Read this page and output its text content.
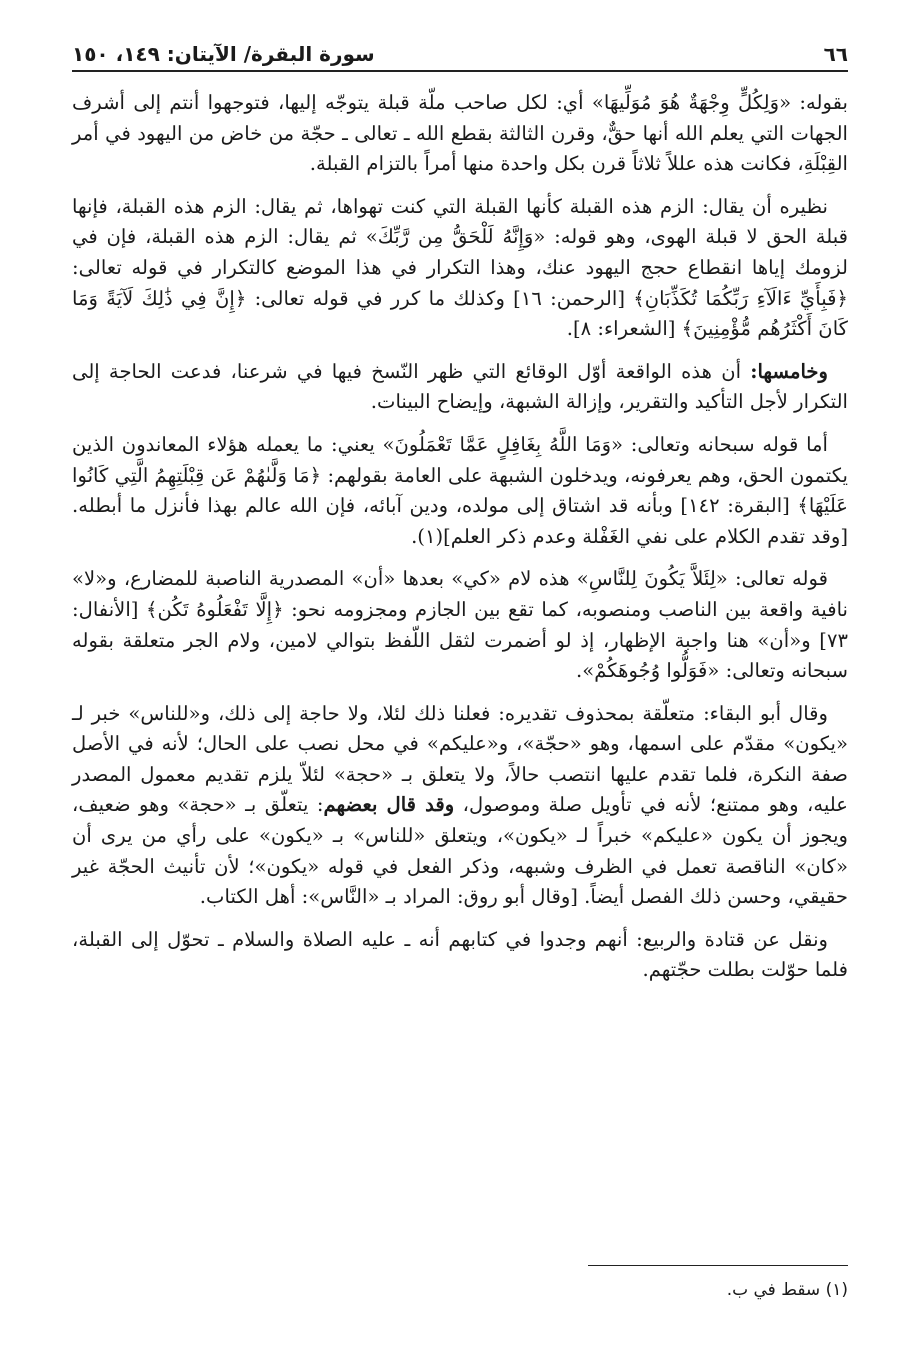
٦٦
سورة البقرة/ الآيتان: ١٤٩، ١٥٠

بقوله: «وَلِكُلٍّ وِجْهَةٌ هُوَ مُوَلِّيهَا» أي: لكل صاحب ملّة قبلة يتوجّه إليها، فتوجهوا أنتم إلى أشرف الجهات التي يعلم الله أنها حقٌّ، وقرن الثالثة بقطع الله ـ تعالى ـ حجّة من خاض من اليهود في أمر القِبْلَةِ، فكانت هذه عللاً ثلاثاً قرن بكل واحدة منها أمراً بالتزام القبلة.

نظيره أن يقال: الزم هذه القبلة كأنها القبلة التي كنت تهواها، ثم يقال: الزم هذه القبلة، فإنها قبلة الحق لا قبلة الهوى، وهو قوله: «وَإِنَّهُ لَلْحَقُّ مِن رَّبِّكَ» ثم يقال: الزم هذه القبلة، فإن في لزومك إياها انقطاع حجج اليهود عنك، وهذا التكرار في هذا الموضع كالتكرار في قوله تعالى: ﴿فَبِأَيِّ ءَالَآءِ رَبِّكُمَا تُكَذِّبَانِ﴾ [الرحمن: ١٦] وكذلك ما كرر في قوله تعالى: ﴿إِنَّ فِي ذَٰلِكَ لَآيَةً وَمَا كَانَ أَكْثَرُهُم مُّؤْمِنِينَ﴾ [الشعراء: ٨].

وخامسها: أن هذه الواقعة أوّل الوقائع التي ظهر النّسخ فيها في شرعنا، فدعت الحاجة إلى التكرار لأجل التأكيد والتقرير، وإزالة الشبهة، وإيضاح البينات.

أما قوله سبحانه وتعالى: «وَمَا اللَّهُ بِغَافِلٍ عَمَّا تَعْمَلُونَ» يعني: ما يعمله هؤلاء المعاندون الذين يكتمون الحق، وهم يعرفونه، ويدخلون الشبهة على العامة بقولهم: ﴿مَا وَلَّىٰهُمْ عَن قِبْلَتِهِمُ الَّتِي كَانُوا عَلَيْهَا﴾ [البقرة: ١٤٢] وبأنه قد اشتاق إلى مولده، ودين آبائه، فإن الله عالم بهذا فأنزل ما أبطله. [وقد تقدم الكلام على نفي الغَفْلة وعدم ذكر العلم](١).

قوله تعالى: «لِئَلاَّ يَكُونَ لِلنَّاسِ» هذه لام «كي» بعدها «أن» المصدرية الناصبة للمضارع، و«لا» نافية واقعة بين الناصب ومنصوبه، كما تقع بين الجازم ومجزومه نحو: ﴿إِلَّا تَفْعَلُوهُ تَكُن﴾ [الأنفال: ٧٣] و«أن» هنا واجبة الإظهار، إذ لو أضمرت لثقل اللّفظ بتوالي لامين، ولام الجر متعلقة بقوله سبحانه وتعالى: «فَوَلُّوا وُجُوهَكُمْ».

وقال أبو البقاء: متعلّقة بمحذوف تقديره: فعلنا ذلك لئلا، ولا حاجة إلى ذلك، و«للناس» خبر لـ «يكون» مقدّم على اسمها، وهو «حجّة»، و«عليكم» في محل نصب على الحال؛ لأنه في الأصل صفة النكرة، فلما تقدم عليها انتصب حالاً، ولا يتعلق بـ «حجة» لئلاّ يلزم تقديم معمول المصدر عليه، وهو ممتنع؛ لأنه في تأويل صلة وموصول، وقد قال بعضهم: يتعلّق بـ «حجة» وهو ضعيف، ويجوز أن يكون «عليكم» خبراً لـ «يكون»، ويتعلق «للناس» بـ «يكون» على رأي من يرى أن «كان» الناقصة تعمل في الظرف وشبهه، وذكر الفعل في قوله «يكون»؛ لأن تأنيث الحجّة غير حقيقي، وحسن ذلك الفصل أيضاً. [وقال أبو روق: المراد بـ «النَّاس»: أهل الكتاب.

ونقل عن قتادة والربيع: أنهم وجدوا في كتابهم أنه ـ عليه الصلاة والسلام ـ تحوّل إلى القبلة، فلما حوّلت بطلت حجّتهم.

(١) سقط في ب.
